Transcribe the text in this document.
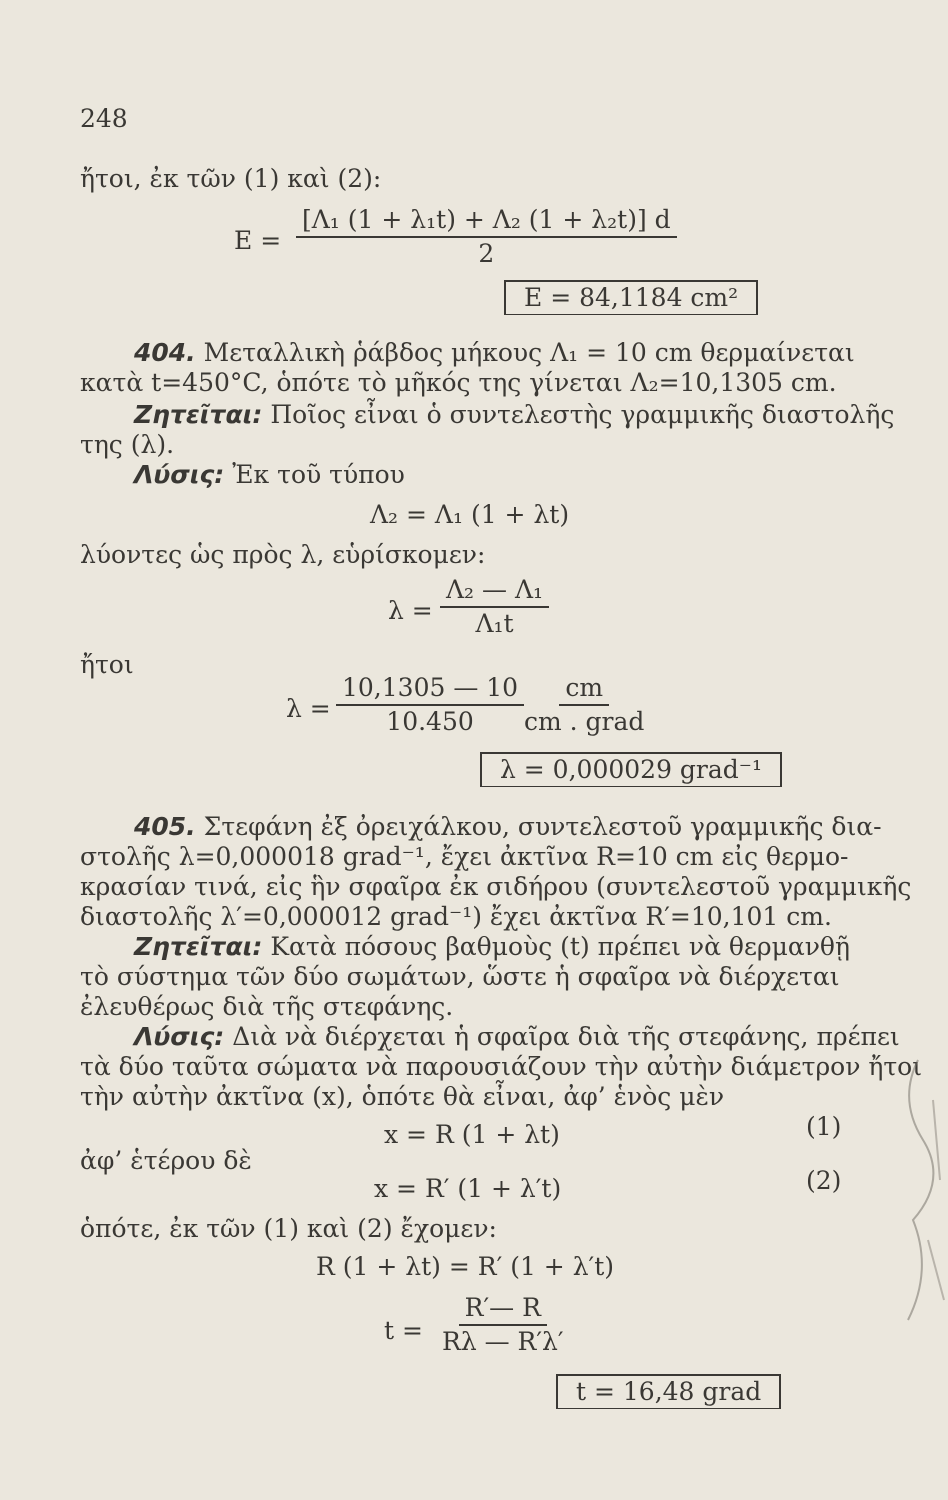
248
ἤτοι, ἐκ τῶν (1) καὶ (2):
$E = \frac{\text{[Λ₁ (1 + λ₁t) + Λ₂ (1 + λ₂t)] d}}{2}$
E = 84,1184 cm²
404. Μεταλλικὴ ῥάβδος μήκους Λ₁ = 10 cm θερμαίνεται
κατὰ t=450°C, ὁπότε τὸ μῆκός της γίνεται Λ₂=10,1305 cm.
Ζητεῖται: Ποῖος εἶναι ὁ συντελεστὴς γραμμικῆς διαστολῆς
της (λ).
Λύσις: Ἐκ τοῦ τύπου
Λ₂ = Λ₁ (1 + λt)
λύοντες ὡς πρὸς λ, εὑρίσκομεν:
$\lambda = \frac{\text{Λ₂ — Λ₁}}{\text{Λ₁t}}$
ἤτοι
$\lambda = \frac{10,1305 — 10}{10.450}$ cm
cm . grad
λ = 0,000029 grad⁻¹
405. Στεφάνη ἐξ ὀρειχάλκου, συντελεστοῦ γραμμικῆς δια-
στολῆς λ=0,000018 grad⁻¹, ἔχει ἀκτῖνα R=10 cm εἰς θερμο-
κρασίαν τινά, εἰς ἣν σφαῖρα ἐκ σιδήρου (συντελεστοῦ γραμμικῆς
διαστολῆς λ′=0,000012 grad⁻¹) ἔχει ἀκτῖνα R′=10,101 cm.
Ζητεῖται: Κατὰ πόσους βαθμοὺς (t) πρέπει νὰ θερμανθῇ
τὸ σύστημα τῶν δύο σωμάτων, ὥστε ἡ σφαῖρα νὰ διέρχεται
ἐλευθέρως διὰ τῆς στεφάνης.
Λύσις: Διὰ νὰ διέρχεται ἡ σφαῖρα διὰ τῆς στεφάνης, πρέπει
τὰ δύο ταῦτα σώματα νὰ παρουσιάζουν τὴν αὐτὴν διάμετρον ἤτοι
τὴν αὐτὴν ἀκτῖνα (x), ὁπότε θὰ εἶναι, ἀφ’ ἑνὸς μὲν
x = R (1 + λt)	(1)
ἀφ’ ἑτέρου δὲ
x = R′ (1 + λ′t)	(2)
ὁπότε, ἐκ τῶν (1) καὶ (2) ἔχομεν:
R (1 + λt) = R′ (1 + λ′t)
$t = \frac{R'— R}{R\lambda — R'\lambda'}$
t = 16,48 grad
